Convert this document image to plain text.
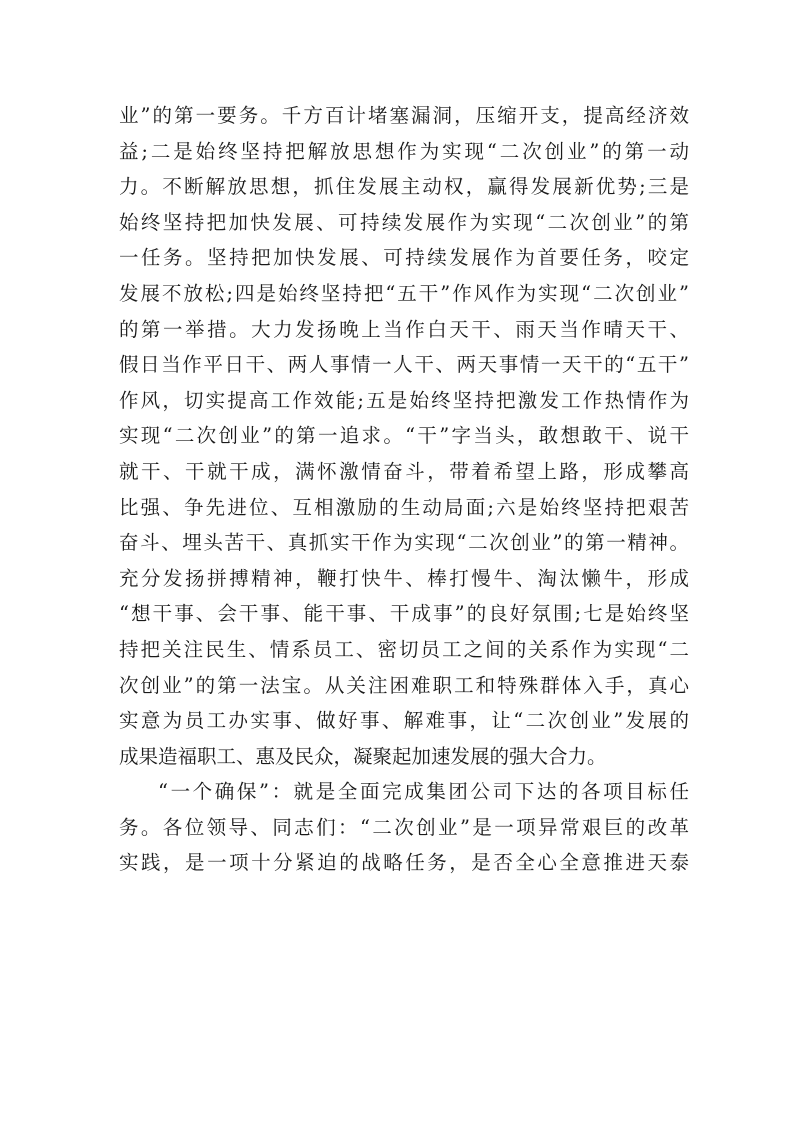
业”的第一要务。千方百计堵塞漏洞，压缩开支，提高经济效
益;二是始终坚持把解放思想作为实现“二次创业”的第一动
力。不断解放思想，抓住发展主动权，赢得发展新优势;三是
始终坚持把加快发展、可持续发展作为实现“二次创业”的第
一任务。坚持把加快发展、可持续发展作为首要任务，咬定
发展不放松;四是始终坚持把“五干”作风作为实现“二次创业”
的第一举措。大力发扬晚上当作白天干、雨天当作晴天干、
假日当作平日干、两人事情一人干、两天事情一天干的“五干”
作风，切实提高工作效能;五是始终坚持把激发工作热情作为
实现“二次创业”的第一追求。“干”字当头，敢想敢干、说干
就干、干就干成，满怀激情奋斗，带着希望上路，形成攀高
比强、争先进位、互相激励的生动局面;六是始终坚持把艰苦
奋斗、埋头苦干、真抓实干作为实现“二次创业”的第一精神。
充分发扬拼搏精神，鞭打快牛、棒打慢牛、淘汰懒牛，形成
“想干事、会干事、能干事、干成事”的良好氛围;七是始终坚
持把关注民生、情系员工、密切员工之间的关系作为实现“二
次创业”的第一法宝。从关注困难职工和特殊群体入手，真心
实意为员工办实事、做好事、解难事，让“二次创业”发展的
成果造福职工、惠及民众，凝聚起加速发展的强大合力。
“一个确保”：就是全面完成集团公司下达的各项目标任
务。各位领导、同志们：“二次创业”是一项异常艰巨的改革
实践，是一项十分紧迫的战略任务，是否全心全意推进天泰
